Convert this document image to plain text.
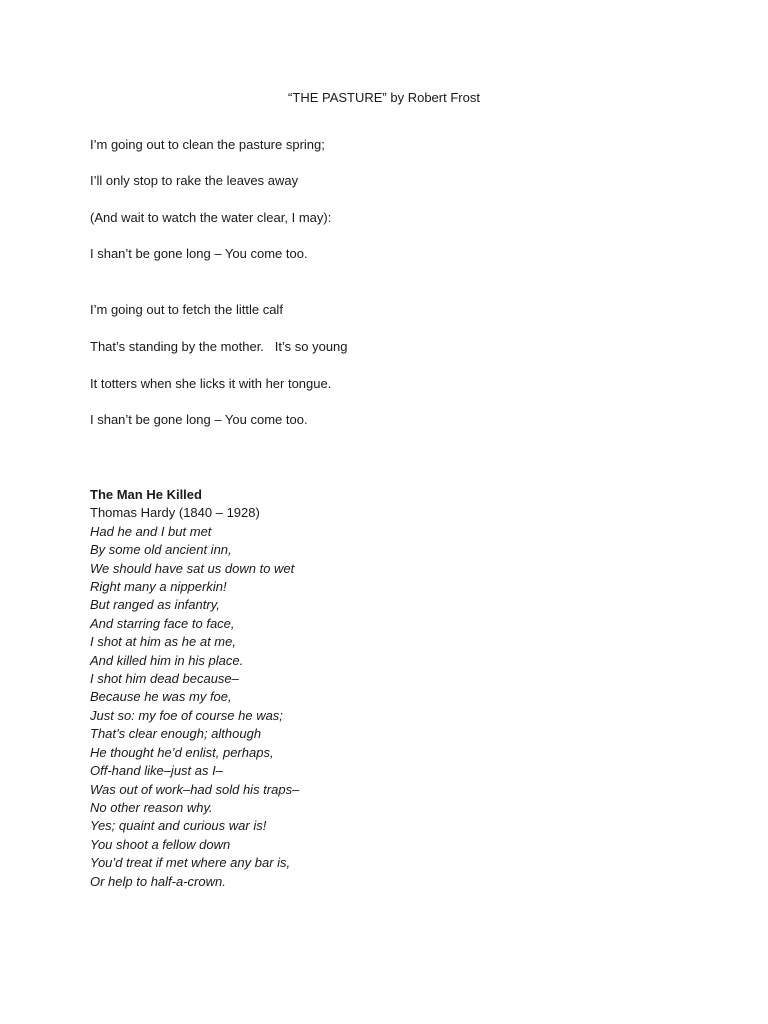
“THE PASTURE” by Robert Frost
I’m going out to clean the pasture spring;
I’ll only stop to rake the leaves away
(And wait to watch the water clear, I may):
I shan’t be gone long – You come too.
I’m going out to fetch the little calf
That’s standing by the mother.   It’s so young
It totters when she licks it with her tongue.
I shan’t be gone long – You come too.
The Man He Killed
Thomas Hardy (1840 – 1928)
Had he and I but met
By some old ancient inn,
We should have sat us down to wet
Right many a nipperkin!
But ranged as infantry,
And starring face to face,
I shot at him as he at me,
And killed him in his place.
I shot him dead because–
Because he was my foe,
Just so: my foe of course he was;
That’s clear enough; although
He thought he’d enlist, perhaps,
Off-hand like–just as I–
Was out of work–had sold his traps–
No other reason why.
Yes; quaint and curious war is!
You shoot a fellow down
You’d treat if met where any bar is,
Or help to half-a-crown.
